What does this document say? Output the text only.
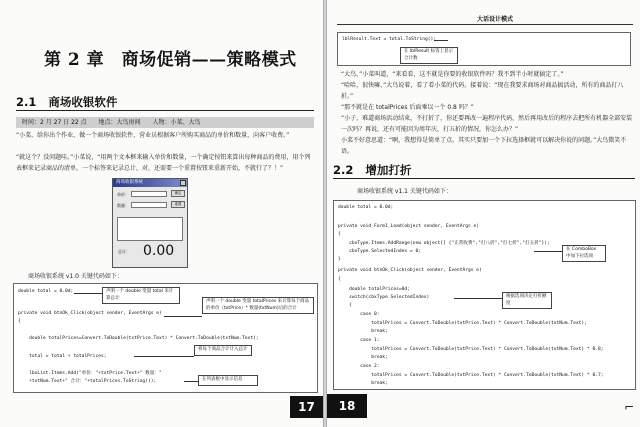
第 2 章　商场促销——策略模式
2.1 商场收银软件
时间：2 月 27 日 22 点 地点：大鸟房间 人物：小菜、大鸟
“小菜，给你出个作业，做一个商场收银软件，营业员根据客户所购买商品的单价和数量，向客户收费。”
“就这个？没问题哇。”小菜说，“用两个文本框来输入单价和数量，一个确定按钮来算出每种商品的费用，用个列表框来记录商品的清单，一个标签来记录总计，对，还需要一个重置按钮来重新开始，不就行了？！”
商场收银系统
单价：	确定
数量：	重置
总计： 0.00
商场收银系统 v1.0 关键代码如下：
double total = 0.0d;
private void btnOk_Click(object sender, EventArgs e)
{
double totalPrices=Convert.ToDouble(txtPrice.Text) * Convert.ToDouble(txtNum.Text);
total = total + totalPrices;
lbxList.Items.Add("单价："+txtPrice.Text+" 数量："
+txtNum.Text+" 合计："+totalPrices.ToString());
声明一个 double 变量 total 来计算总计
声明一个 double 变量 totalPrices 来计算每个商品的单价（txtPrice）* 数量(txtNum)后的合计
将每个商品合计计入总计
在列表框中显示信息
17
大话设计模式
lblResult.Text = total.ToString();
在 lblResult 标签上显示合计数
“大鸟，”小菜叫道，“来看看，这不就是你要的收银软件吗？我不到半小时就搞定了。”
“哈哈，很快嘛，”大鸟说着，看了看小菜的代码。接着说：“现在我要求商场对商品搞活动，所有的商品打八折。”
“那不就是在 totalPrices 后面乘以一个 0.8 吗？”
“小子，难道商场活动结束，不打折了，你还要再改一遍程序代码，然后再用改后的程序去把所有机器全部安装一次吗？再说，还有可能因为周年庆，打五折的情况，你怎么办？”
小菜不好意思道：“啊，我想得是简单了点。其实只要加一个下拉选择框就可以解决你说的问题。”大鸟微笑不语。
2.2 增加打折
商场收银系统 v1.1 关键代码如下：
double total = 0.0d;
private void Form1_Load(object sender, EventArgs e)
{
cbxType.Items.AddRange(new object[] {"正常收费","打八折","打七折","打五折"});
cbxType.SelectedIndex = 0;
}
private void btnOk_Click(object sender, EventArgs e)
{
double totalPrices=0d;
switch(cbxType.SelectedIndex)
{
case 0:
totalPrices = Convert.ToDouble(txtPrice.Text) * Convert.ToDouble(txtNum.Text);
break;
case 1:
totalPrices = Convert.ToDouble(txtPrice.Text) * Convert.ToDouble(txtNum.Text) * 0.8;
break;
case 2:
totalPrices = Convert.ToDouble(txtPrice.Text) * Convert.ToDouble(txtNum.Text) * 0.7;
break;
在 ComboBox 中加下拉选项
根据选项决定打折额度
18	⌐
